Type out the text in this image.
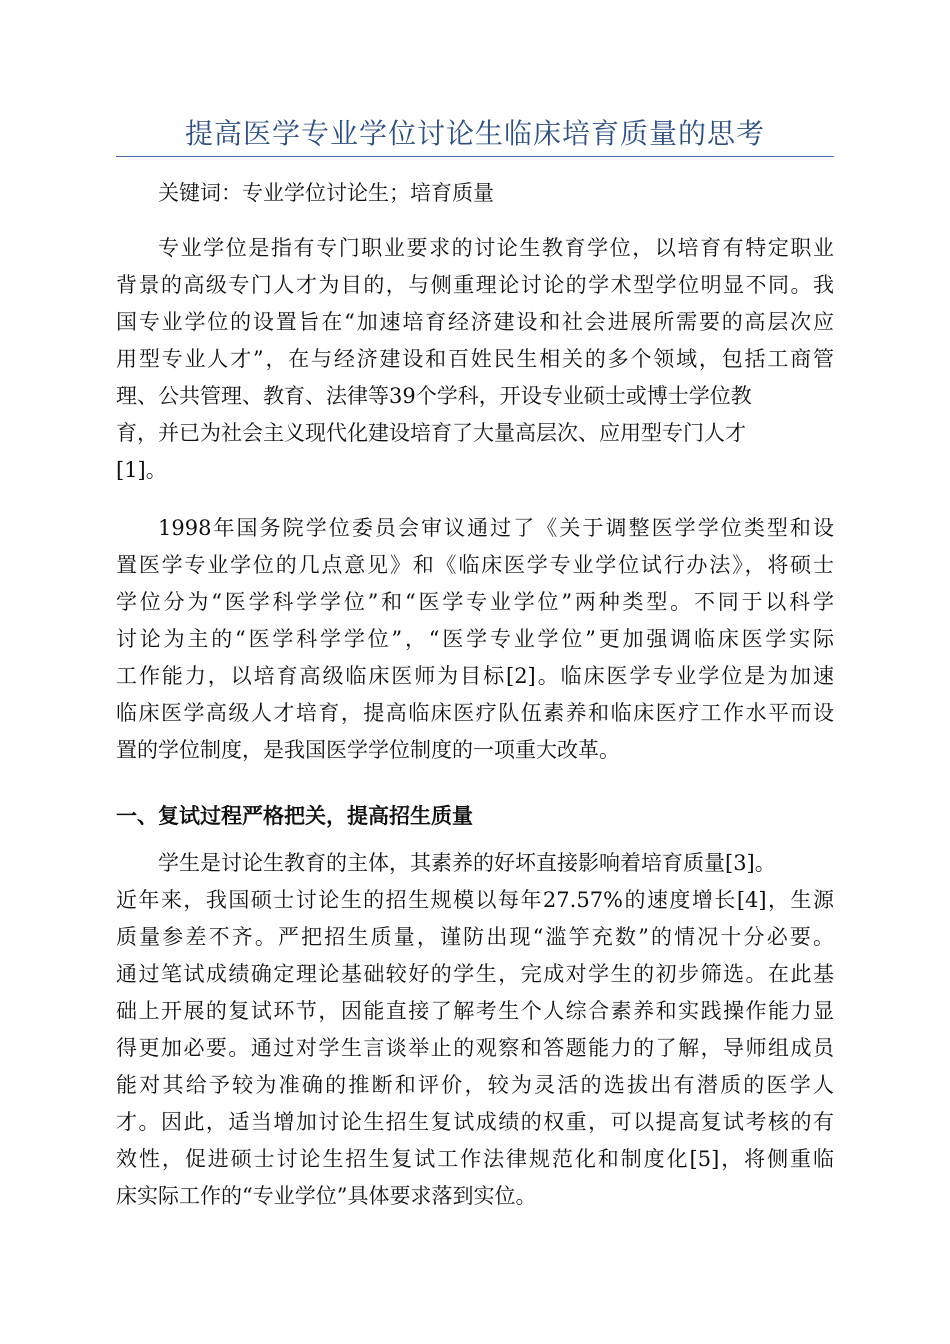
提高医学专业学位讨论生临床培育质量的思考
关键词：专业学位讨论生；培育质量
专业学位是指有专门职业要求的讨论生教育学位，以培育有特定职业
背景的高级专门人才为目的，与侧重理论讨论的学术型学位明显不同。我
国专业学位的设置旨在“加速培育经济建设和社会进展所需要的高层次应
用型专业人才”，在与经济建设和百姓民生相关的多个领域，包括工商管
理、公共管理、教育、法律等39个学科，开设专业硕士或博士学位教
育，并已为社会主义现代化建设培育了大量高层次、应用型专门人才
[1]。
1998年国务院学位委员会审议通过了《关于调整医学学位类型和设
置医学专业学位的几点意见》和《临床医学专业学位试行办法》，将硕士
学位分为“医学科学学位”和“医学专业学位”两种类型。不同于以科学
讨论为主的“医学科学学位”，“医学专业学位”更加强调临床医学实际
工作能力，以培育高级临床医师为目标[2]。临床医学专业学位是为加速
临床医学高级人才培育，提高临床医疗队伍素养和临床医疗工作水平而设
置的学位制度，是我国医学学位制度的一项重大改革。
一、复试过程严格把关，提高招生质量
学生是讨论生教育的主体，其素养的好坏直接影响着培育质量[3]。
近年来，我国硕士讨论生的招生规模以每年27.57%的速度增长[4]，生源
质量参差不齐。严把招生质量，谨防出现“滥竽充数”的情况十分必要。
通过笔试成绩确定理论基础较好的学生，完成对学生的初步筛选。在此基
础上开展的复试环节，因能直接了解考生个人综合素养和实践操作能力显
得更加必要。通过对学生言谈举止的观察和答题能力的了解，导师组成员
能对其给予较为准确的推断和评价，较为灵活的选拔出有潜质的医学人
才。因此，适当增加讨论生招生复试成绩的权重，可以提高复试考核的有
效性，促进硕士讨论生招生复试工作法律规范化和制度化[5]，将侧重临
床实际工作的“专业学位”具体要求落到实位。
